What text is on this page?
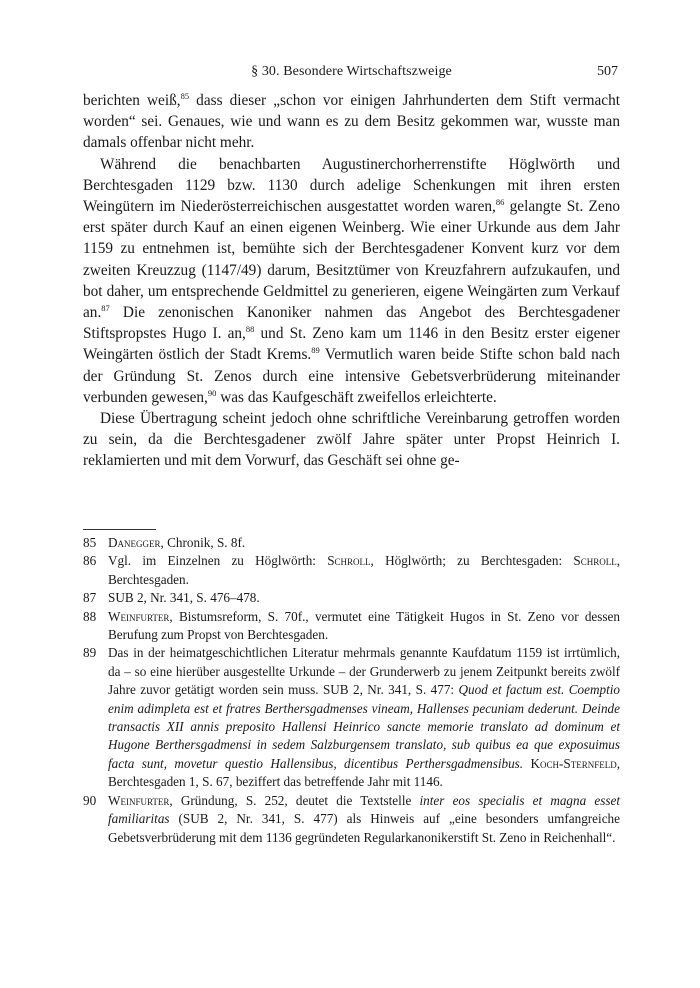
§ 30. Besondere Wirtschaftszweige	507

berichten weiß,$^{85}$ dass dieser „schon vor einigen Jahrhunderten dem Stift vermacht worden“ sei. Genaues, wie und wann es zu dem Besitz gekommen war, wusste man damals offenbar nicht mehr.

Während die benachbarten Augustinerchorherrenstifte Höglwörth und Berchtesgaden 1129 bzw. 1130 durch adelige Schenkungen mit ihren ersten Weingütern im Niederösterreichischen ausgestattet worden waren,$^{86}$ gelangte St. Zeno erst später durch Kauf an einen eigenen Weinberg. Wie einer Urkunde aus dem Jahr 1159 zu entnehmen ist, bemühte sich der Berchtesgadener Konvent kurz vor dem zweiten Kreuzzug (1147/49) darum, Besitztümer von Kreuzfahrern aufzukaufen, und bot daher, um entsprechende Geldmittel zu generieren, eigene Weingärten zum Verkauf an.$^{87}$ Die zenonischen Kanoniker nahmen das Angebot des Berchtesgadener Stiftspropstes Hugo I. an,$^{88}$ und St. Zeno kam um 1146 in den Besitz erster eigener Weingärten östlich der Stadt Krems.$^{89}$ Vermutlich waren beide Stifte schon bald nach der Gründung St. Zenos durch eine intensive Gebetsverbrüderung miteinander verbunden gewesen,$^{90}$ was das Kaufgeschäft zweifellos erleichterte.

Diese Übertragung scheint jedoch ohne schriftliche Vereinbarung getroffen worden zu sein, da die Berchtesgadener zwölf Jahre später unter Propst Heinrich I. reklamierten und mit dem Vorwurf, das Geschäft sei ohne ge-

85 Danegger, Chronik, S. 8f.
86 Vgl. im Einzelnen zu Höglwörth: Schroll, Höglwörth; zu Berchtesgaden: Schroll, Berchtesgaden.
87 SUB 2, Nr. 341, S. 476–478.
88 Weinfurter, Bistumsreform, S. 70f., vermutet eine Tätigkeit Hugos in St. Zeno vor dessen Berufung zum Propst von Berchtesgaden.
89 Das in der heimatgeschichtlichen Literatur mehrmals genannte Kaufdatum 1159 ist irrtümlich, da – so eine hierüber ausgestellte Urkunde – der Grunderwerb zu jenem Zeitpunkt bereits zwölf Jahre zuvor getätigt worden sein muss. SUB 2, Nr. 341, S. 477: Quod et factum est. Coemptio enim adimpleta est et fratres Berthersgadmenses vineam, Hallenses pecuniam dederunt. Deinde transactis XII annis preposito Hallensi Heinrico sancte memorie translato ad dominum et Hugone Berthersgadmensi in sedem Salzburgensem translato, sub quibus ea que exposuimus facta sunt, movetur questio Hallensibus, dicentibus Perthersgadmensibus. Koch-Sternfeld, Berchtesgaden 1, S. 67, beziffert das betreffende Jahr mit 1146.
90 Weinfurter, Gründung, S. 252, deutet die Textstelle inter eos specialis et magna esset familiaritas (SUB 2, Nr. 341, S. 477) als Hinweis auf „eine besonders umfangreiche Gebetsverbrüderung mit dem 1136 gegründeten Regularkanonikerstift St. Zeno in Reichenhall“.
